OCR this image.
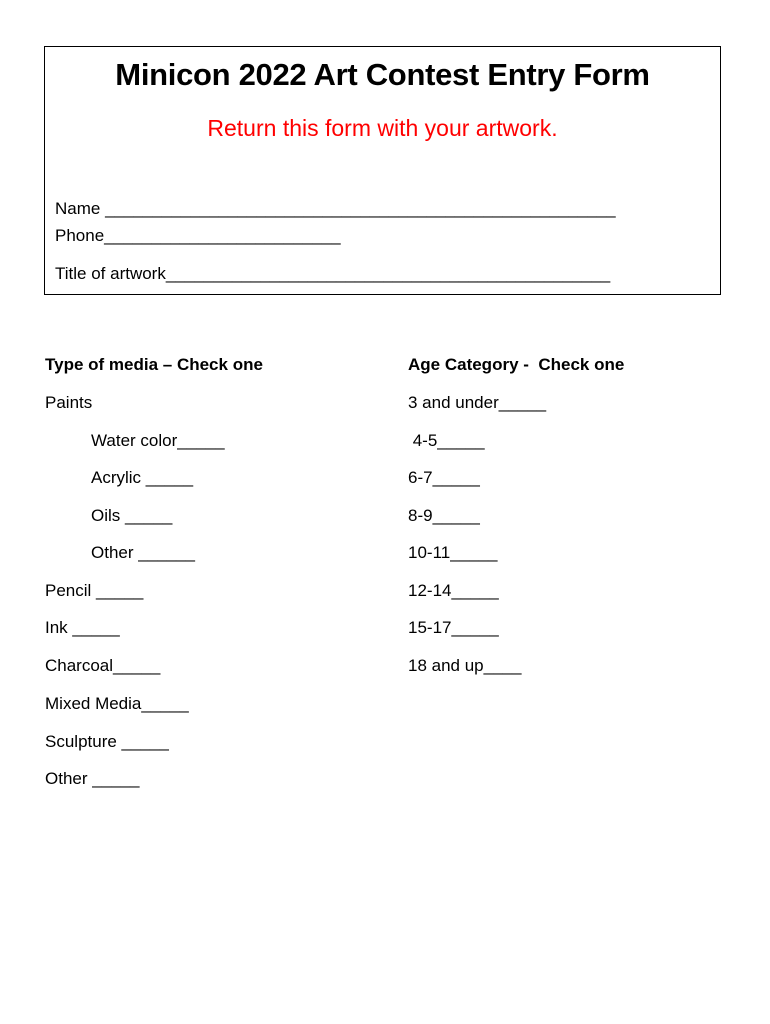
Minicon 2022 Art Contest Entry Form
Return this form with your artwork.
Name ______________________________________________________
Phone_________________________
Title of artwork_______________________________________________
Type of media – Check one
Paints
Water color_____
Acrylic _____
Oils _____
Other ______
Pencil _____
Ink _____
Charcoal_____
Mixed Media_____
Sculpture _____
Other _____
Age Category -  Check one
3 and under_____
4-5_____
6-7_____
8-9_____
10-11_____
12-14_____
15-17_____
18 and up____
